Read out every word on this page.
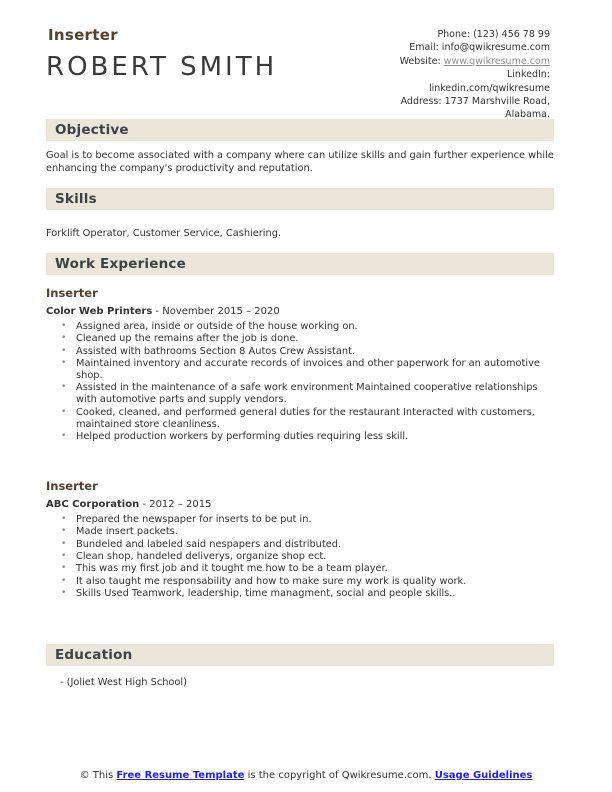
Phone: (123) 456 78 99
Email: info@qwikresume.com
Website: www.qwikresume.com
LinkedIn:
linkedin.com/qwikresume
Address: 1737 Marshville Road,
Alabama.
Inserter
ROBERT SMITH
Objective
Goal is to become associated with a company where can utilize skills and gain further experience while enhancing the company's productivity and reputation.
Skills
Forklift Operator, Customer Service, Cashiering.
Work Experience
Inserter
Color Web Printers - November 2015 – 2020
• Assigned area, inside or outside of the house working on.
• Cleaned up the remains after the job is done.
• Assisted with bathrooms Section 8 Autos Crew Assistant.
• Maintained inventory and accurate records of invoices and other paperwork for an automotive shop.
• Assisted in the maintenance of a safe work environment Maintained cooperative relationships with automotive parts and supply vendors.
• Cooked, cleaned, and performed general duties for the restaurant Interacted with customers, maintained store cleanliness.
• Helped production workers by performing duties requiring less skill.
Inserter
ABC Corporation - 2012 – 2015
• Prepared the newspaper for inserts to be put in.
• Made insert packets.
• Bundeled and labeled said nespapers and distributed.
• Clean shop, handeled deliverys, organize shop ect.
• This was my first job and it tought me how to be a team player.
• It also taught me responsability and how to make sure my work is quality work.
• Skills Used Teamwork, leadership, time managment, social and people skills..
Education
- (Joliet West High School)
© This Free Resume Template is the copyright of Qwikresume.com. Usage Guidelines
